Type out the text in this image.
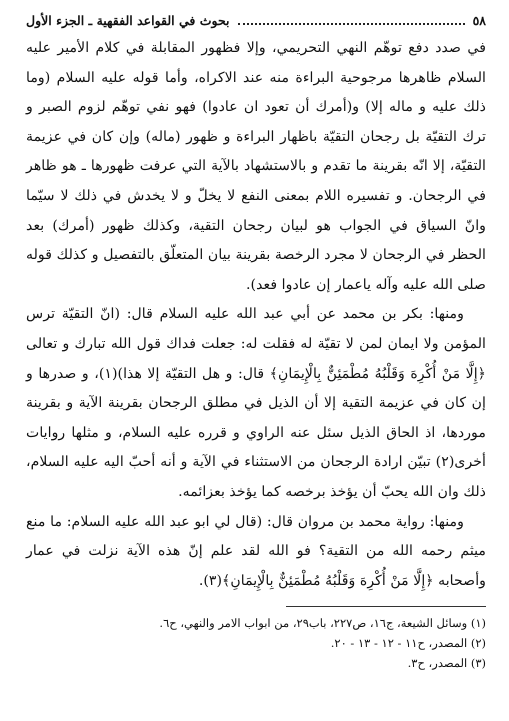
٥٨
بحوث في القواعد الفقهية ـ الجزء الأول

في صدد دفع توهّم النهي التحريمي، وإلا فظهور المقابلة في كلام الأمير عليه السلام ظاهرها مرجوحية البراءة منه عند الاكراه، وأما قوله عليه السلام (وما ذلك عليه و ماله إلا) و(أمرك أن تعود ان عادوا) فهو نفي توهّم لزوم الصبر و ترك التقيّة بل رجحان التقيّة باظهار البراءة و ظهور (ماله) وإن كان في عزيمة التقيّة، إلا انّه بقرينة ما تقدم و بالاستشهاد بالآية التي عرفت ظهورها ـ هو ظاهر في الرجحان. و تفسيره اللام بمعنى النفع لا يخلّ و لا يخدش في ذلك لا سيّما وانّ السياق في الجواب هو لبيان رجحان التقية، وكذلك ظهور (أمرك) بعد الحظر في الرجحان لا مجرد الرخصة بقرينة بيان المتعلّق بالتفصيل و كذلك قوله صلى الله عليه وآله ياعمار إن عادوا فعد).

ومنها: بكر بن محمد عن أبي عبد الله عليه السلام قال: (انّ التقيّة ترس المؤمن ولا ايمان لمن لا تقيّة له فقلت له: جعلت فداك قول الله تبارك و تعالى ﴿إِلَّا مَنْ أُكْرِهَ وَقَلْبُهُ مُطْمَئِنٌّ بِالْإِيمَانِ﴾ قال: و هل التقيّة إلا هذا)(١)، و صدرها و إن كان في عزيمة التقية إلا أن الذيل في مطلق الرجحان بقرينة الآية و بقرينة موردها، اذ الحاق الذيل سئل عنه الراوي و قرره عليه السلام، و مثلها روايات أخرى(٢) تبيّن ارادة الرجحان من الاستثناء في الآية و أنه أحبّ اليه عليه السلام، ذلك وان الله يحبّ أن يؤخذ برخصه كما يؤخذ بعزائمه.

ومنها: رواية محمد بن مروان قال: (قال لي ابو عبد الله عليه السلام: ما منع ميثم رحمه الله من التقية؟ فو الله لقد علم إنّ هذه الآية نزلت في عمار وأصحابه ﴿إِلَّا مَنْ أُكْرِهَ وَقَلْبُهُ مُطْمَئِنٌّ بِالْإِيمَانِ﴾(٣).

(١) وسائل الشيعة، ج١٦، ص٢٢٧، باب٢٩، من ابواب الامر والنهي، ح٦.

(٢) المصدر، ح١١ - ١٢ - ١٣ - ٢٠.

(٣) المصدر، ح٣.
